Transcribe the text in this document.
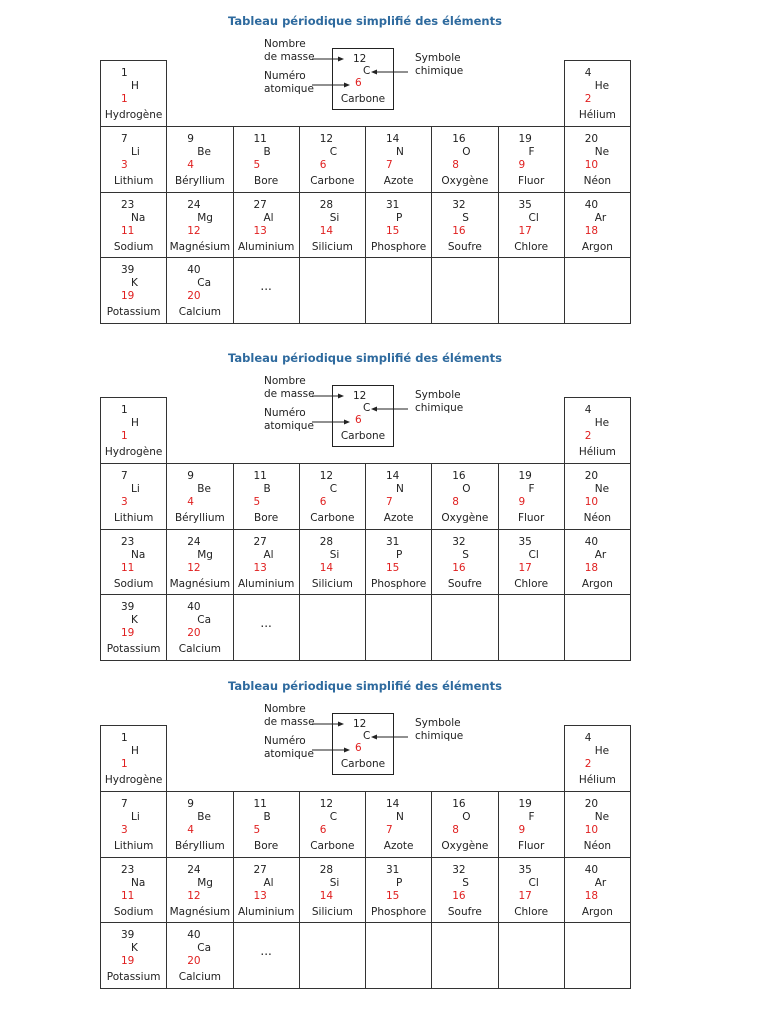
Tableau périodique simplifié des éléments
Nombre
de masse
Numéro
atomique
Symbole
chimique
12
C
6
Carbone
1
H
1
Hydrogène
4
He
2
Hélium
7
Li
3
Lithium
9
Be
4
Béryllium
11
B
5
Bore
12
C
6
Carbone
14
N
7
Azote
16
O
8
Oxygène
19
F
9
Fluor
20
Ne
10
Néon
23
Na
11
Sodium
24
Mg
12
Magnésium
27
Al
13
Aluminium
28
Si
14
Silicium
31
P
15
Phosphore
32
S
16
Soufre
35
Cl
17
Chlore
40
Ar
18
Argon
39
K
19
Potassium
40
Ca
20
Calcium
...
Tableau périodique simplifié des éléments
Nombre
de masse
Numéro
atomique
Symbole
chimique
12
C
6
Carbone
1
H
1
Hydrogène
4
He
2
Hélium
7
Li
3
Lithium
9
Be
4
Béryllium
11
B
5
Bore
12
C
6
Carbone
14
N
7
Azote
16
O
8
Oxygène
19
F
9
Fluor
20
Ne
10
Néon
23
Na
11
Sodium
24
Mg
12
Magnésium
27
Al
13
Aluminium
28
Si
14
Silicium
31
P
15
Phosphore
32
S
16
Soufre
35
Cl
17
Chlore
40
Ar
18
Argon
39
K
19
Potassium
40
Ca
20
Calcium
...
Tableau périodique simplifié des éléments
Nombre
de masse
Numéro
atomique
Symbole
chimique
12
C
6
Carbone
1
H
1
Hydrogène
4
He
2
Hélium
7
Li
3
Lithium
9
Be
4
Béryllium
11
B
5
Bore
12
C
6
Carbone
14
N
7
Azote
16
O
8
Oxygène
19
F
9
Fluor
20
Ne
10
Néon
23
Na
11
Sodium
24
Mg
12
Magnésium
27
Al
13
Aluminium
28
Si
14
Silicium
31
P
15
Phosphore
32
S
16
Soufre
35
Cl
17
Chlore
40
Ar
18
Argon
39
K
19
Potassium
40
Ca
20
Calcium
...
